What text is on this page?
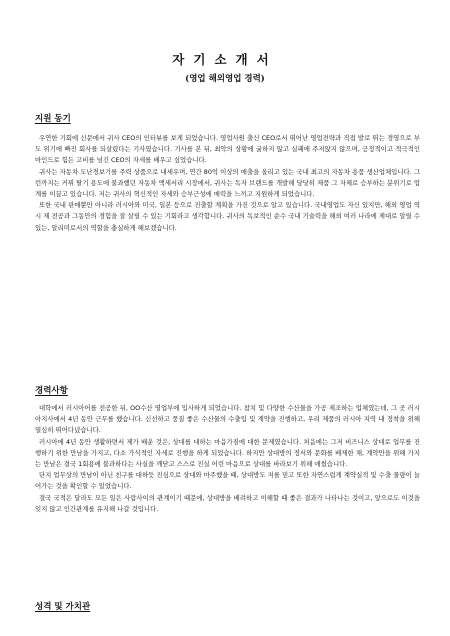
자기소개서
(영업 해외영업 경력)
지원 동기

우연한 기회에 신문에서 귀사 CEO의 인터뷰를 보게 되었습니다. 영업사원 출신 CEO로서 뛰어난 영업전략과 직접 발로 뛰는 경영으로 부도 위기에 빠진 회사를 되살렸다는 기사였습니다. 기사를 본 뒤, 최악의 상황에 굴하지 않고 실패에 주저앉지 않으며, 긍정적이고 적극적인 마인드로 힘든 고비를 넘긴 CEO의 자세를 배우고 싶었습니다.

귀사는 자동차 도난경보기를 주력 상품으로 내세우며, 연간 80억 이상의 매출을 올리고 있는 국내 최고의 자동차 용품 생산업체입니다. 그런까지는 커뮈 탈기 용도에 불과했던 자동차 액세서리 시장에서, 귀사는 독자 브랜드를 개발해 당당히 제품 그 자체로 승부하는 분위기로 업계를 이끌고 있습니다. 저는 귀사의 혁신적인 자세와 승부근성에 매력을 느끼고 지원하게 되었습니다.

또한 국내 판매뿐만 아니라 러시아와 미국, 일본 등으로 진출할 계획을 가진 것으로 알고 있습니다. 국내영업도 자신 있지만, 해외 영업 역시 제 전공과 그동안의 경험을 잘 살릴 수 있는 기회라고 생각합니다. 귀사의 독보적인 순수 국내 기술력을 해외 여러 나라에 제대로 알릴 수 있는, 알리미로서의 역할을 충실하게 해보겠습니다.

경력사항

대학에서 러시아어를 전공한 뒤, OO수산 영업부에 입사하게 되었습니다. 참치 및 다양한 수산물을 가공 제조하는 업체였는데, 그 곳 러시아지사에서 4년 동안 근무를 했습니다. 신선하고 풍질 좋은 수산물의 수출입 및 계약을 진행하고, 우리 제품의 러시아 지역 내 정착을 위해 열심히 뛰어다녔습니다.

러시아에 4년 동안 생활하면서 제가 배운 것은, 상대를 대하는 마음가짐에 대한 문제였습니다. 처음에는 그저 비즈니스 상대로 업무를 진행하기 위한 만남을 가지고, 다소 가식적인 자세로 진행을 하게 되었습니다. 하지만 상대방의 정서와 문화를 배제한 채, 계약만을 위해 가지는 만남은 결국 1회용에 불과하다는 사실을 깨닫고 스스로 진실 어린 마음으로 상대를 바라보기 위해 애썼습니다.

단지 업무상의 만남이 아닌 친구를 대하듯 진심으로 상대와 마주했을 때, 상대방도 저를 믿고 또한 자연스럽게 계약실적 및 수출 물량이 늘어가는 것을 확인할 수 있었습니다.

결국 국적은 달라도 모든 일은 사람사이의 관계이기 때문에, 상대방을 배려하고 이해할 때 좋은 결과가 나타나는 것이고, 앞으로도 이것을 잊지 않고 인간관계를 유지해 나갈 것입니다.

성격 및 가치관
